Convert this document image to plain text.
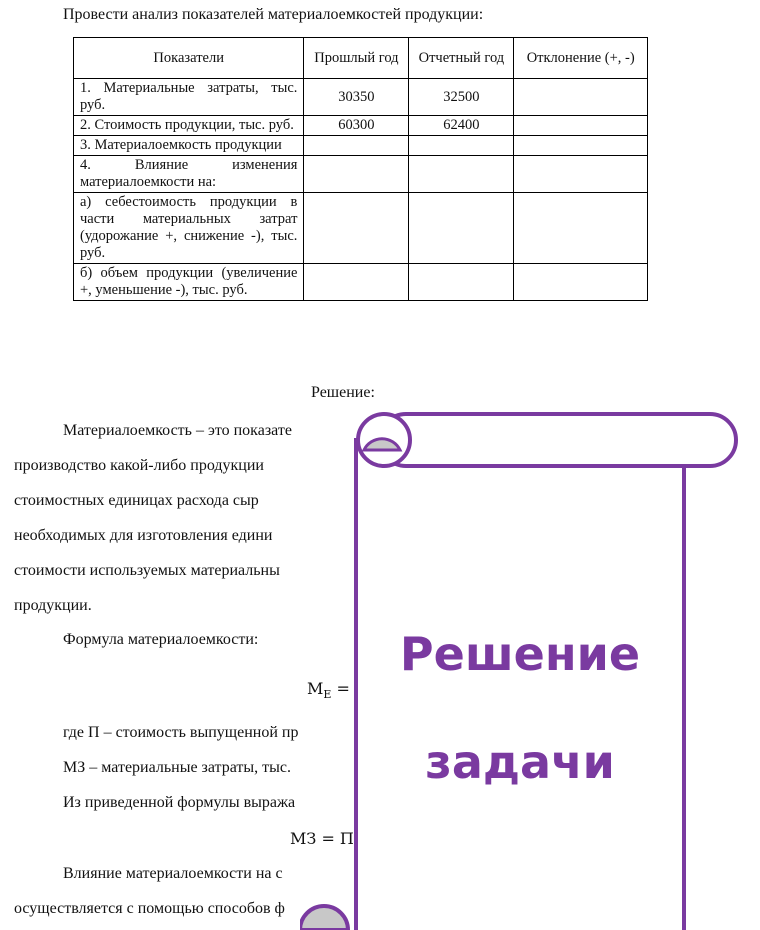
Провести анализ показателей материалоемкостей продукции:
Показатели	Прошлый год	Отчетный год	Отклонение (+, -)
1. Материальные затраты, тыс. руб.	30350	32500	
2. Стоимость продукции, тыс. руб.	60300	62400	
3. Материалоемкость продукции			
4. Влияние изменения материалоемкости на:			
а) себестоимость продукции в части материальных затрат (удорожание +, снижение -), тыс. руб.			
б) объем продукции (увеличение +, уменьшение -), тыс. руб.			
Решение:
Материалоемкость – это показате
производство какой-либо продукции
стоимостных единицах расхода сыр
необходимых для изготовления едини
стоимости используемых материальны
продукции.
Формула материалоемкости:
$М_Е$ =
где П – стоимость выпущенной пр
МЗ – материальные затраты, тыс.
Из приведенной формулы выража
МЗ = П
Влияние материалоемкости на с
осуществляется с помощью способов ф
Решение
задачи
